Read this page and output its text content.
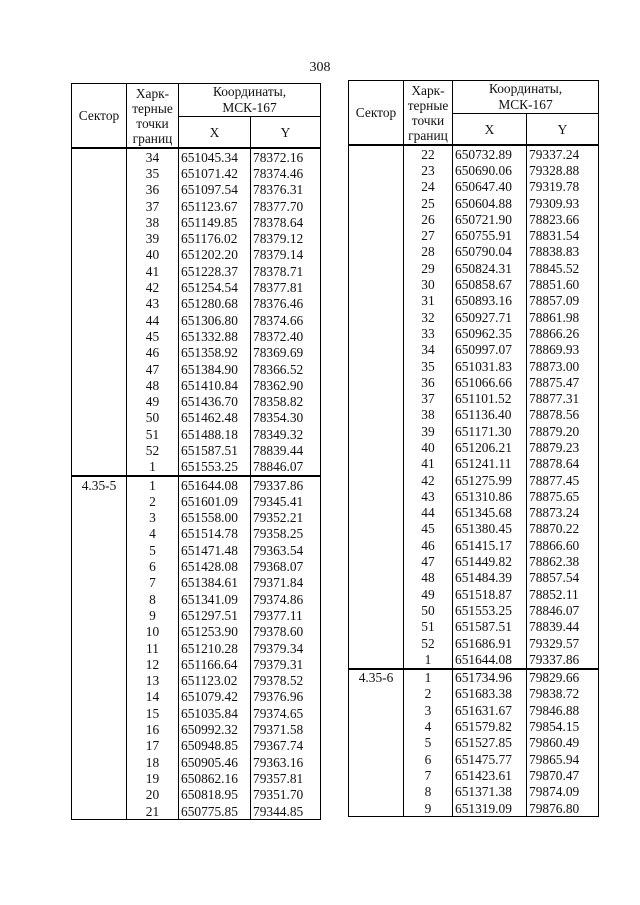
308
Сектор	Харк-
терные
точки
границ	Координаты,
МСК-167	
		X	Y
	34	651045.34	78372.16
	35	651071.42	78374.46
	36	651097.54	78376.31
	37	651123.67	78377.70
	38	651149.85	78378.64
	39	651176.02	78379.12
	40	651202.20	78379.14
	41	651228.37	78378.71
	42	651254.54	78377.81
	43	651280.68	78376.46
	44	651306.80	78374.66
	45	651332.88	78372.40
	46	651358.92	78369.69
	47	651384.90	78366.52
	48	651410.84	78362.90
	49	651436.70	78358.82
	50	651462.48	78354.30
	51	651488.18	78349.32
	52	651587.51	78839.44
	1	651553.25	78846.07
4.35-5	1	651644.08	79337.86
	2	651601.09	79345.41
	3	651558.00	79352.21
	4	651514.78	79358.25
	5	651471.48	79363.54
	6	651428.08	79368.07
	7	651384.61	79371.84
	8	651341.09	79374.86
	9	651297.51	79377.11
	10	651253.90	79378.60
	11	651210.28	79379.34
	12	651166.64	79379.31
	13	651123.02	79378.52
	14	651079.42	79376.96
	15	651035.84	79374.65
	16	650992.32	79371.58
	17	650948.85	79367.74
	18	650905.46	79363.16
	19	650862.16	79357.81
	20	650818.95	79351.70
	21	650775.85	79344.85
Сектор	Харк-
терные
точки
границ	Координаты,
МСК-167	
		X	Y
	22	650732.89	79337.24
	23	650690.06	79328.88
	24	650647.40	79319.78
	25	650604.88	79309.93
	26	650721.90	78823.66
	27	650755.91	78831.54
	28	650790.04	78838.83
	29	650824.31	78845.52
	30	650858.67	78851.60
	31	650893.16	78857.09
	32	650927.71	78861.98
	33	650962.35	78866.26
	34	650997.07	78869.93
	35	651031.83	78873.00
	36	651066.66	78875.47
	37	651101.52	78877.31
	38	651136.40	78878.56
	39	651171.30	78879.20
	40	651206.21	78879.23
	41	651241.11	78878.64
	42	651275.99	78877.45
	43	651310.86	78875.65
	44	651345.68	78873.24
	45	651380.45	78870.22
	46	651415.17	78866.60
	47	651449.82	78862.38
	48	651484.39	78857.54
	49	651518.87	78852.11
	50	651553.25	78846.07
	51	651587.51	78839.44
	52	651686.91	79329.57
	1	651644.08	79337.86
4.35-6	1	651734.96	79829.66
	2	651683.38	79838.72
	3	651631.67	79846.88
	4	651579.82	79854.15
	5	651527.85	79860.49
	6	651475.77	79865.94
	7	651423.61	79870.47
	8	651371.38	79874.09
	9	651319.09	79876.80
